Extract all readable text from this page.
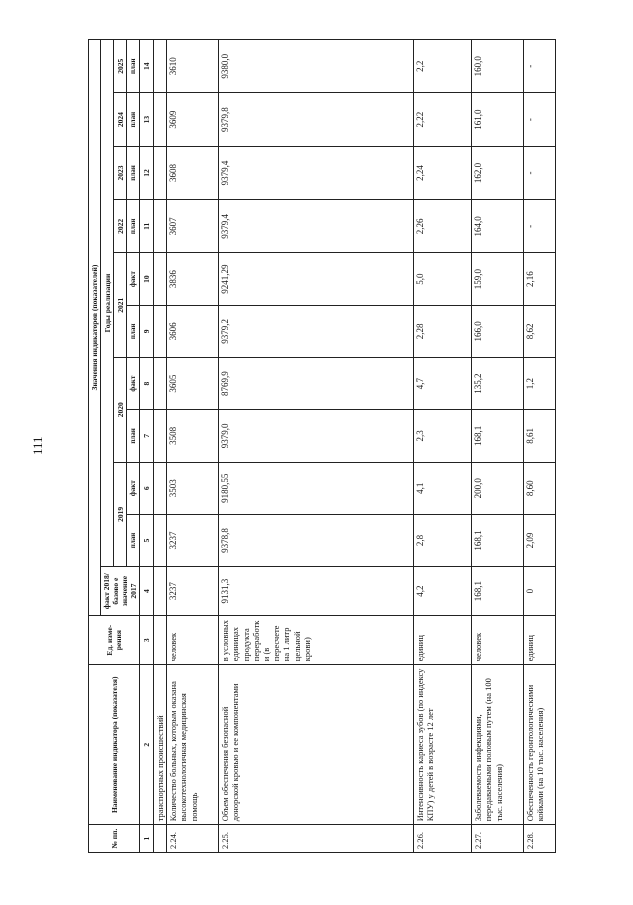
111
№ пп.	Наименование индикатора (показателя)	Ед. изме-рения	Значения индикаторов (показателей)										
			факт 2018/базово е значение 2017	Годы реализации									
				2019		2020		2021		2022	2023	2024	2025
				план	факт	план	факт	план	факт	план	план	план	план
1	2	3	4	5	6	7	8	9	10	11	12	13	14
	транспортных происшествий												
2.24.	Количество больных, которым оказана высокотехнологичная медицинская помощь	человек	3237	3237	3503	3508	3605	3606	3836	3607	3608	3609	3610
2.25.	Объем обеспечения безопасной донорской кровью и ее компонентами	в условных единицах продукта переработки (в пересчете на 1 литр цельной крови)	9131,3	9378,8	9180,55	9379,0	8769,9	9379,2	9241,29	9379,4	9379,4	9379,8	9380,0
2.26.	Интенсивность кариеса зубов (по индексу КПУ) у детей в возрасте 12 лет	единиц	4,2	2,8	4,1	2,3	4,7	2,28	5,0	2,26	2,24	2,22	2,2
2.27.	Заболеваемость инфекциями, передаваемыми половым путем (на 100 тыс. населения)	человек	168,1	168,1	200,0	168,1	135,2	166,0	159,0	164,0	162,0	161,0	160,0
2.28.	Обеспеченность геронтологическими койками (на 10 тыс. населения)	единиц	0	2,09	8,60	8,61	1,2	8,62	2,16	-	-	-	-
